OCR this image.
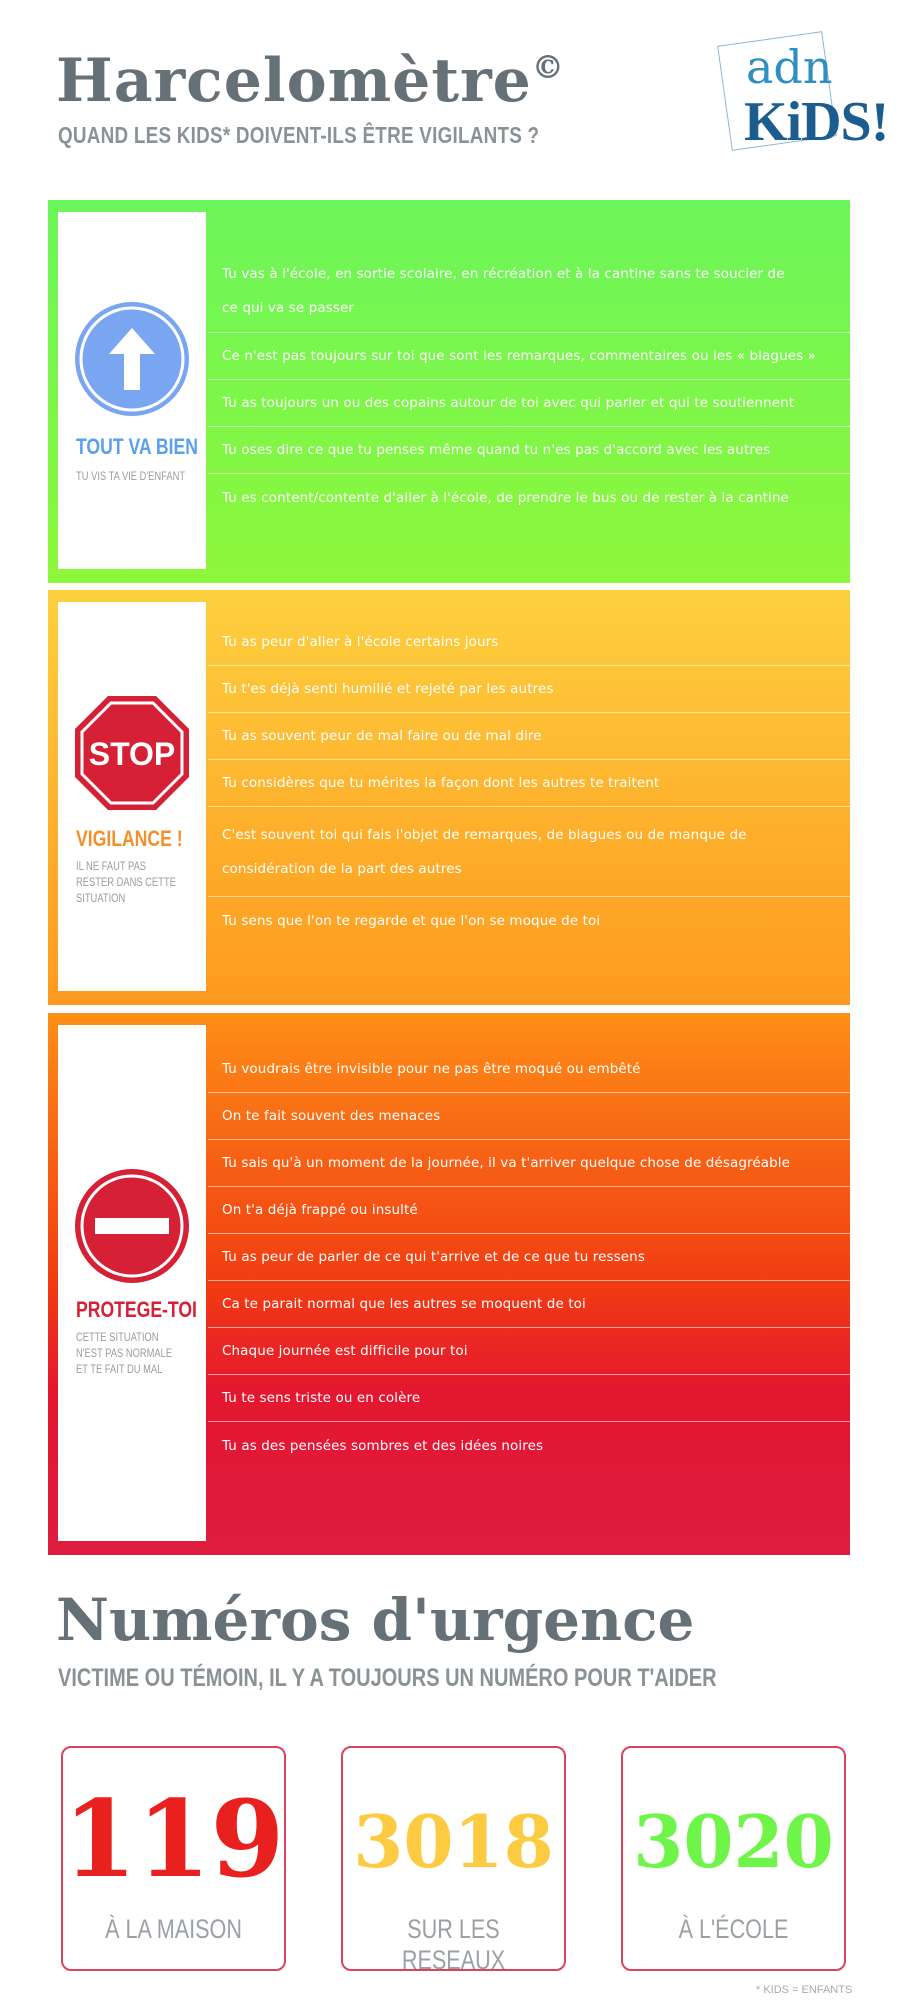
Harcelomètre©
QUAND LES KIDS* DOIVENT-ILS ÊTRE VIGILANTS ?
adn
KiDS!
TOUT VA BIEN
TU VIS TA VIE D'ENFANT
Tu vas à l'école, en sortie scolaire, en récréation et à la cantine sans te soucier de ce qui va se passer
Ce n'est pas toujours sur toi que sont les remarques, commentaires ou les « blagues »
Tu as toujours un ou des copains autour de toi avec qui parler et qui te soutiennent
Tu oses dire ce que tu penses même quand tu n'es pas d'accord avec les autres
Tu es content/contente d'aller à l'école, de prendre le bus ou de rester à la cantine
STOP
VIGILANCE !
IL NE FAUT PAS RESTER DANS CETTE SITUATION
Tu as peur d'aller à l'école certains jours
Tu t'es déjà senti humilié et rejeté par les autres
Tu as souvent peur de mal faire ou de mal dire
Tu considères que tu mérites la façon dont les autres te traitent
C'est souvent toi qui fais l'objet de remarques, de blagues ou de manque de considération de la part des autres
Tu sens que l'on te regarde et que l'on se moque de toi
PROTEGE-TOI
CETTE SITUATION N'EST PAS NORMALE ET TE FAIT DU MAL
Tu voudrais être invisible pour ne pas être moqué ou embêté
On te fait souvent des menaces
Tu sais qu'à un moment de la journée, il va t'arriver quelque chose de désagréable
On t'a déjà frappé ou insulté
Tu as peur de parler de ce qui t'arrive et de ce que tu ressens
Ca te parait normal que les autres se moquent de toi
Chaque journée est difficile pour toi
Tu te sens triste ou en colère
Tu as des pensées sombres et des idées noires
Numéros d'urgence
VICTIME OU TÉMOIN, IL Y A TOUJOURS UN NUMÉRO POUR T'AIDER
119
À LA MAISON
3018
SUR LES RESEAUX
3020
À L'ÉCOLE
* KIDS = ENFANTS
